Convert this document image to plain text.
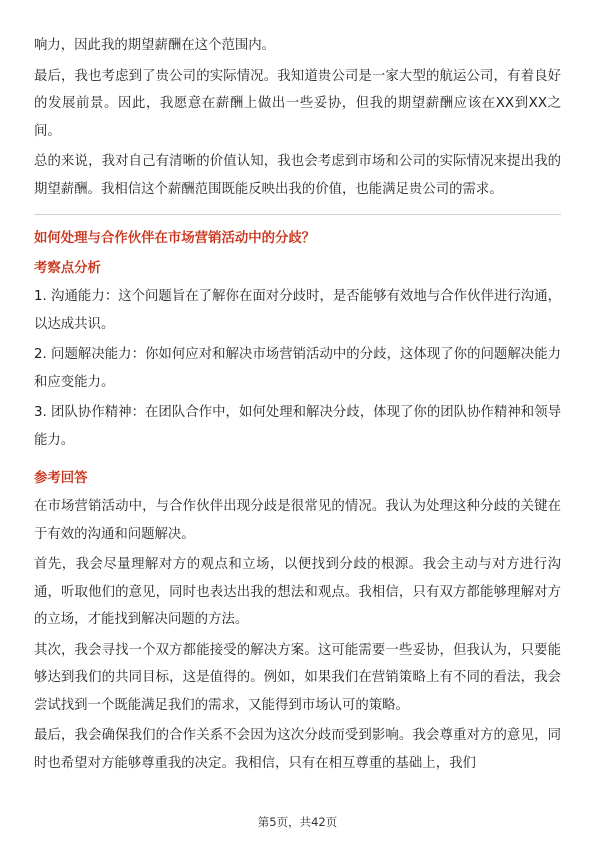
响力，因此我的期望薪酬在这个范围内。

最后，我也考虑到了贵公司的实际情况。我知道贵公司是一家大型的航运公司，有着良好的发展前景。因此，我愿意在薪酬上做出一些妥协，但我的期望薪酬应该在XX到XX之间。

总的来说，我对自己有清晰的价值认知，我也会考虑到市场和公司的实际情况来提出我的期望薪酬。我相信这个薪酬范围既能反映出我的价值，也能满足贵公司的需求。

如何处理与合作伙伴在市场营销活动中的分歧？
考察点分析

1. 沟通能力：这个问题旨在了解你在面对分歧时，是否能够有效地与合作伙伴进行沟通，以达成共识。

2. 问题解决能力：你如何应对和解决市场营销活动中的分歧，这体现了你的问题解决能力和应变能力。

3. 团队协作精神：在团队合作中，如何处理和解决分歧，体现了你的团队协作精神和领导能力。

参考回答

在市场营销活动中，与合作伙伴出现分歧是很常见的情况。我认为处理这种分歧的关键在于有效的沟通和问题解决。

首先，我会尽量理解对方的观点和立场，以便找到分歧的根源。我会主动与对方进行沟通，听取他们的意见，同时也表达出我的想法和观点。我相信，只有双方都能够理解对方的立场，才能找到解决问题的方法。

其次，我会寻找一个双方都能接受的解决方案。这可能需要一些妥协，但我认为，只要能够达到我们的共同目标，这是值得的。例如，如果我们在营销策略上有不同的看法，我会尝试找到一个既能满足我们的需求，又能得到市场认可的策略。

最后，我会确保我们的合作关系不会因为这次分歧而受到影响。我会尊重对方的意见，同时也希望对方能够尊重我的决定。我相信，只有在相互尊重的基础上，我们

第5页，共42页
